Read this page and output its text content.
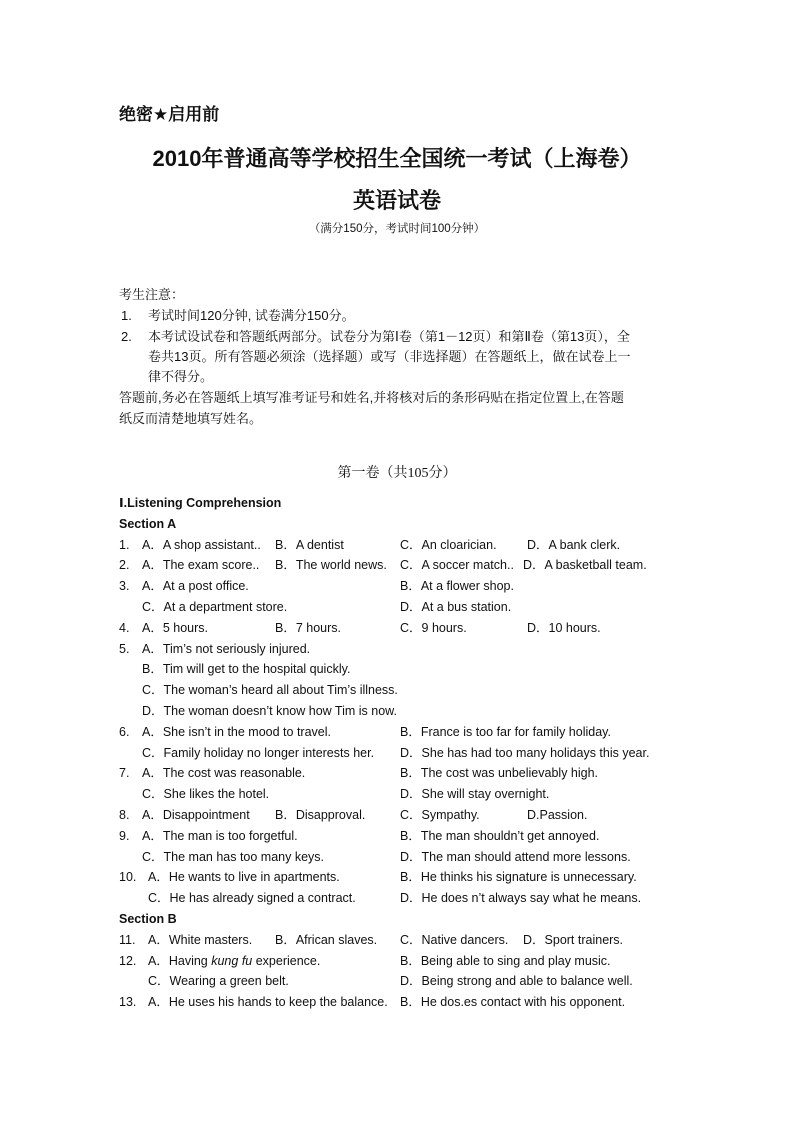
绝密★启用前
2010年普通高等学校招生全国统一考试（上海卷）
英语试卷
（满分150分，考试时间100分钟）
考生注意：
1. 考试时间120分钟, 试卷满分150分。
2. 本考试设试卷和答题纸两部分。试卷分为第Ⅰ卷（第1－12页）和第Ⅱ卷（第13页），全
卷共13页。所有答题必须涂（选择题）或写（非选择题）在答题纸上，做在试卷上一
律不得分。
答题前,务必在答题纸上填写准考证号和姓名,并将核对后的条形码贴在指定位置上,在答题
纸反而清楚地填写姓名。
第一卷（共105分）
Ⅰ.Listening Comprehension
Section A
1. A．A shop assistant.. B．A dentist	C．An cloarician. D．A bank clerk.
2. A．The exam score.. B．The world news. C．A soccer match.. D．A basketball team.
3. A．At a post office.	B．At a flower shop.
C．At a department store.	D．At a bus station.
4. A．5 hours.	B．7 hours.	C．9 hours.	D．10 hours.
5. A．Tim’s not seriously injured.
B．Tim will get to the hospital quickly.
C．The woman’s heard all about Tim’s illness.
D．The woman doesn’t know how Tim is now.
6. A．She isn’t in the mood to travel.	B．France is too far for family holiday.
C．Family holiday no longer interests her. D．She has had too many holidays this year.
7. A．The cost was reasonable.	B．The cost was unbelievably high.
C．She likes the hotel.	D．She will stay overnight.
8. A．Disappointment B．Disapproval.	C．Sympathy.	D.Passion.
9. A．The man is too forgetful.	B．The man shouldn’t get annoyed.
C．The man has too many keys.	D．The man should attend more lessons.
10. A．He wants to live in apartments.	B．He thinks his signature is unnecessary.
C．He has already signed a contract.	D．He does n’t always say what he means.
Section B
11. A．White masters. B．African slaves. C．Native dancers. D．Sport trainers.
12. A．Having kung fu experience.	B．Being able to sing and play music.
C．Wearing a green belt.	D．Being strong and able to balance well.
13. A．He uses his hands to keep the balance. B．He dos.es contact with his opponent.
